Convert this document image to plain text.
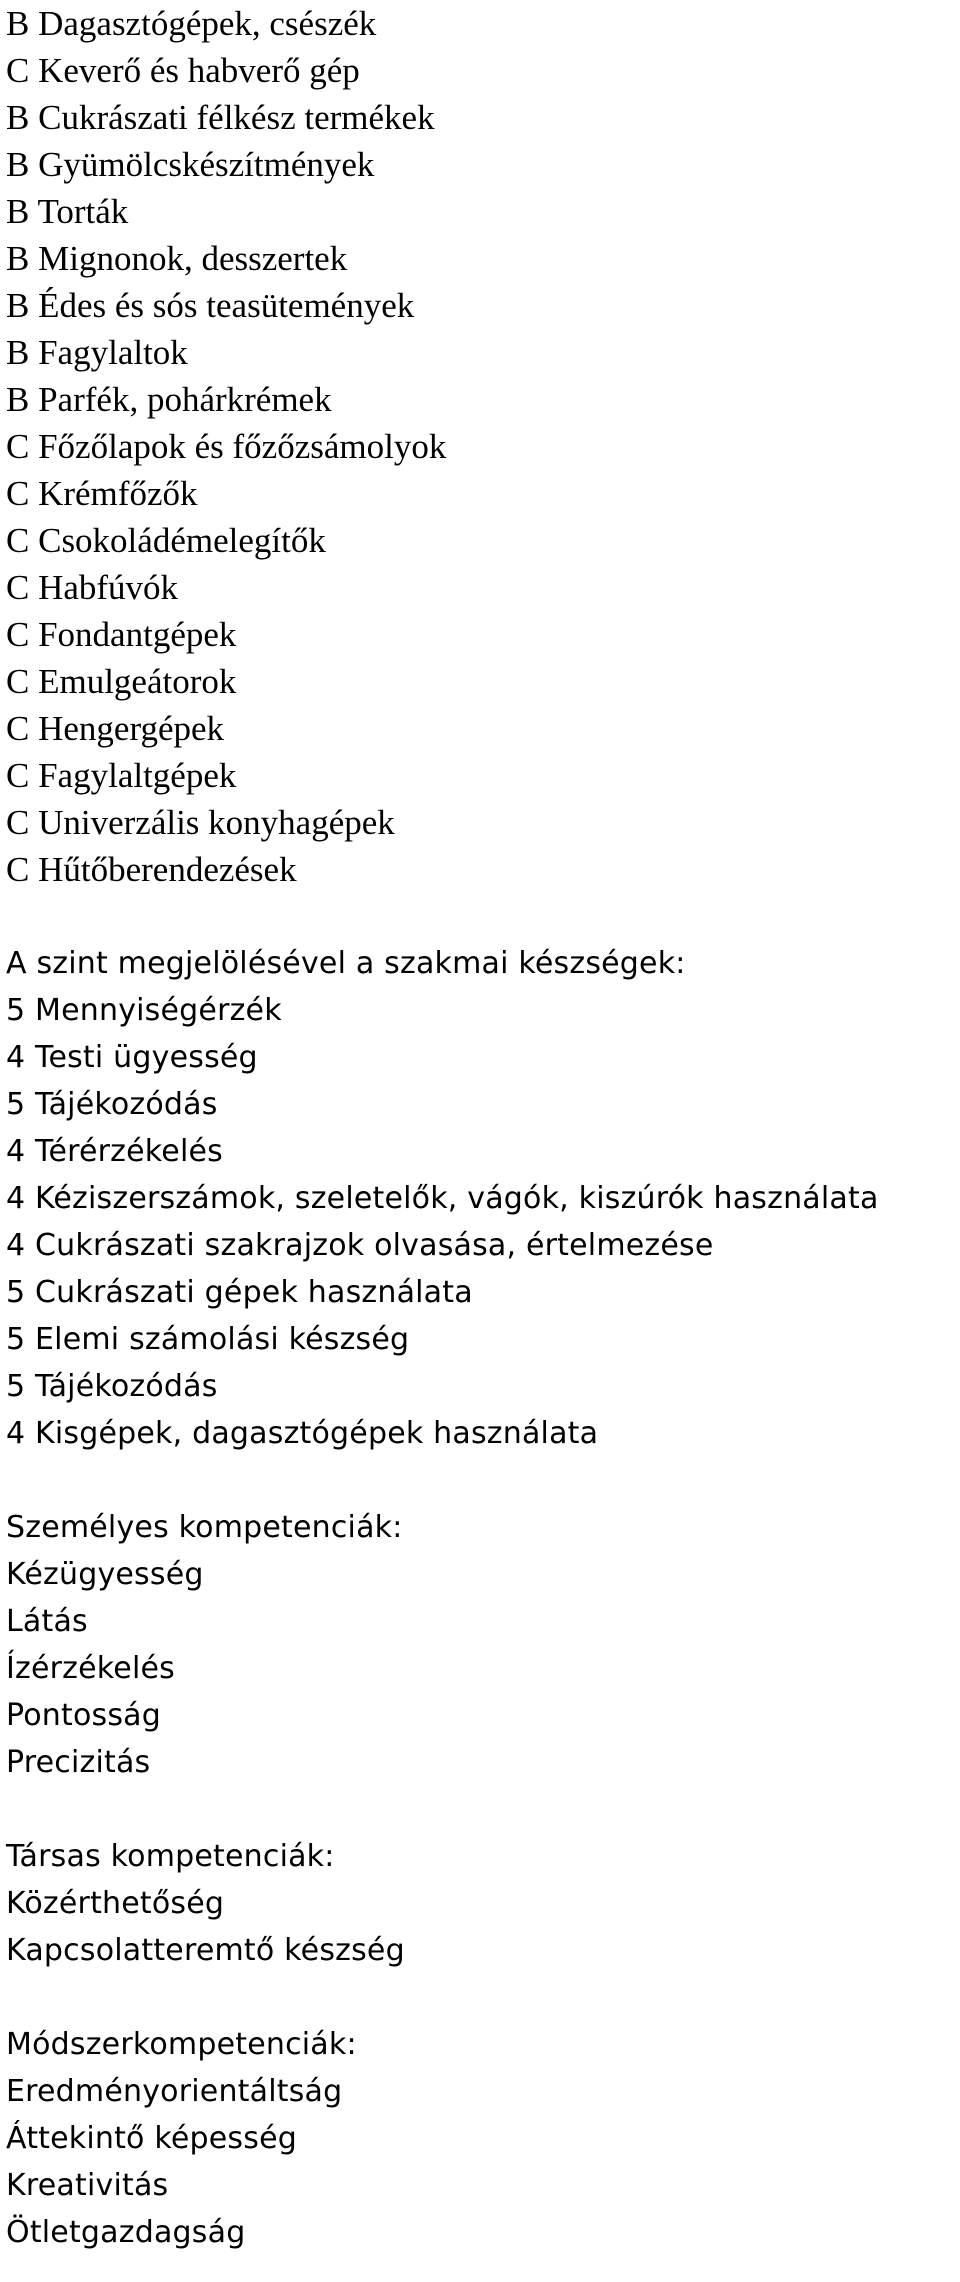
B Dagasztógépek, csészék
C Keverő és habverő gép
B Cukrászati félkész termékek
B Gyümölcskészítmények
B Torták
B Mignonok, desszertek
B Édes és sós teasütemények
B Fagylaltok
B Parfék, pohárkrémek
C Főzőlapok és főzőzsámolyok
C Krémfőzők
C Csokoládémelegítők
C Habfúvók
C Fondantgépek
C Emulgeátorok
C Hengergépek
C Fagylaltgépek
C Univerzális konyhagépek
C Hűtőberendezések
A szint megjelölésével a szakmai készségek:
5 Mennyiségérzék
4 Testi ügyesség
5 Tájékozódás
4 Térérzékelés
4 Kéziszerszámok, szeletelők, vágók, kiszúrók használata
4 Cukrászati szakrajzok olvasása, értelmezése
5 Cukrászati gépek használata
5 Elemi számolási készség
5 Tájékozódás
4 Kisgépek, dagasztógépek használata
Személyes kompetenciák:
Kézügyesség
Látás
Ízérzékelés
Pontosság
Precizitás
Társas kompetenciák:
Közérthetőség
Kapcsolatteremtő készség
Módszerkompetenciák:
Eredményorientáltság
Áttekintő képesség
Kreativitás
Ötletgazdagság
